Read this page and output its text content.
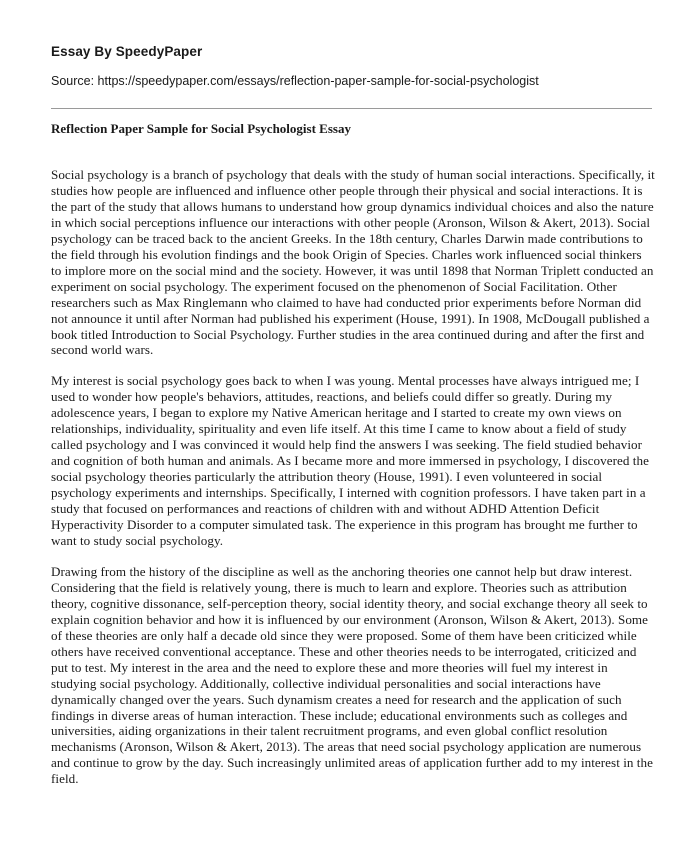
Essay By SpeedyPaper
Source: https://speedypaper.com/essays/reflection-paper-sample-for-social-psychologist
Reflection Paper Sample for Social Psychologist Essay

Social psychology is a branch of psychology that deals with the study of human social interactions. Specifically, it studies how people are influenced and influence other people through their physical and social interactions. It is the part of the study that allows humans to understand how group dynamics individual choices and also the nature in which social perceptions influence our interactions with other people (Aronson, Wilson & Akert, 2013). Social psychology can be traced back to the ancient Greeks. In the 18th century, Charles Darwin made contributions to the field through his evolution findings and the book Origin of Species. Charles work influenced social thinkers to implore more on the social mind and the society. However, it was until 1898 that Norman Triplett conducted an experiment on social psychology. The experiment focused on the phenomenon of Social Facilitation. Other researchers such as Max Ringlemann who claimed to have had conducted prior experiments before Norman did not announce it until after Norman had published his experiment (House, 1991). In 1908, McDougall published a book titled Introduction to Social Psychology. Further studies in the area continued during and after the first and second world wars.

My interest is social psychology goes back to when I was young. Mental processes have always intrigued me; I used to wonder how people's behaviors, attitudes, reactions, and beliefs could differ so greatly. During my adolescence years, I began to explore my Native American heritage and I started to create my own views on relationships, individuality, spirituality and even life itself. At this time I came to know about a field of study called psychology and I was convinced it would help find the answers I was seeking. The field studied behavior and cognition of both human and animals. As I became more and more immersed in psychology, I discovered the social psychology theories particularly the attribution theory (House, 1991). I even volunteered in social psychology experiments and internships. Specifically, I interned with cognition professors. I have taken part in a study that focused on performances and reactions of children with and without ADHD Attention Deficit Hyperactivity Disorder to a computer simulated task. The experience in this program has brought me further to want to study social psychology.

Drawing from the history of the discipline as well as the anchoring theories one cannot help but draw interest. Considering that the field is relatively young, there is much to learn and explore. Theories such as attribution theory, cognitive dissonance, self-perception theory, social identity theory, and social exchange theory all seek to explain cognition behavior and how it is influenced by our environment (Aronson, Wilson & Akert, 2013). Some of these theories are only half a decade old since they were proposed. Some of them have been criticized while others have received conventional acceptance. These and other theories needs to be interrogated, criticized and put to test. My interest in the area and the need to explore these and more theories will fuel my interest in studying social psychology. Additionally, collective individual personalities and social interactions have dynamically changed over the years. Such dynamism creates a need for research and the application of such findings in diverse areas of human interaction. These include; educational environments such as colleges and universities, aiding organizations in their talent recruitment programs, and even global conflict resolution mechanisms (Aronson, Wilson & Akert, 2013). The areas that need social psychology application are numerous and continue to grow by the day. Such increasingly unlimited areas of application further add to my interest in the field.
